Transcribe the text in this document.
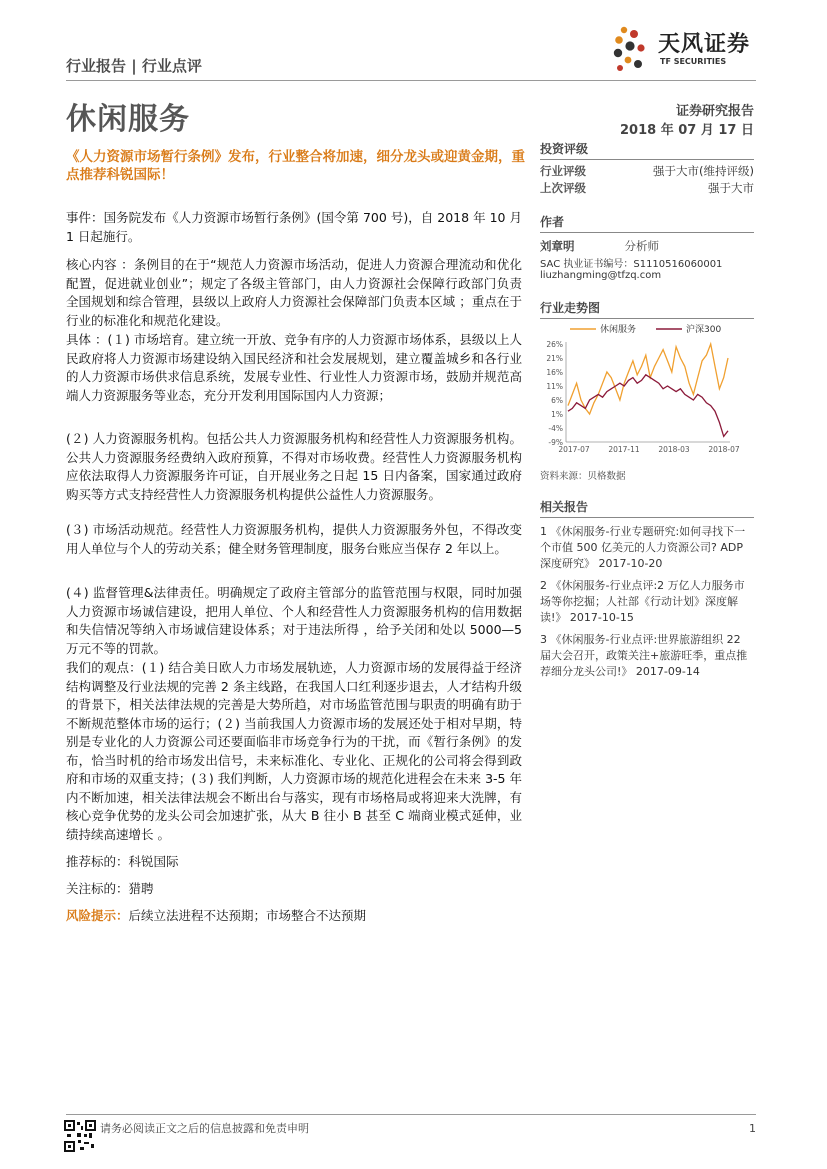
行业报告 | 行业点评
天风证券
TF SECURITIES
休闲服务	证券研究报告
2018 年 07 月 17 日
《人力资源市场暂行条例》发布，行业整合将加速，细分龙头或迎黄金期，重点推荐科锐国际！
事件：国务院发布《人力资源市场暂行条例》(国令第 700 号)，自 2018 年 10 月 1 日起施行。
核心内容 ：条例目的在于“规范人力资源市场活动，促进人力资源合理流动和优化配置，促进就业创业”；规定了各级主管部门，由人力资源社会保障行政部门负责全国规划和综合管理，县级以上政府人力资源社会保障部门负责本区域 ；重点在于行业的标准化和规范化建设。
具体 ：(１) 市场培育。建立统一开放、竞争有序的人力资源市场体系，县级以上人民政府将人力资源市场建设纳入国民经济和社会发展规划，建立覆盖城乡和各行业的人力资源市场供求信息系统，发展专业性、行业性人力资源市场，鼓励并规范高端人力资源服务等业态，充分开发利用国际国内人力资源；
(２) 人力资源服务机构。包括公共人力资源服务机构和经营性人力资源服务机构。公共人力资源服务经费纳入政府预算，不得对市场收费。经营性人力资源服务机构应依法取得人力资源服务许可证，自开展业务之日起 15 日内备案，国家通过政府购买等方式支持经营性人力资源服务机构提供公益性人力资源服务。
(３) 市场活动规范。经营性人力资源服务机构，提供人力资源服务外包，不得改变用人单位与个人的劳动关系；健全财务管理制度，服务台账应当保存 2 年以上。
(４) 监督管理&法律责任。明确规定了政府主管部分的监管范围与权限，同时加强人力资源市场诚信建设，把用人单位、个人和经营性人力资源服务机构的信用数据和失信情况等纳入市场诚信建设体系；对于违法所得 ，给予关闭和处以 5000—5 万元不等的罚款。
我们的观点：(１) 结合美日欧人力市场发展轨迹，人力资源市场的发展得益于经济结构调整及行业法规的完善 2 条主线路，在我国人口红利逐步退去，人才结构升级的背景下，相关法律法规的完善是大势所趋，对市场监管范围与职责的明确有助于不断规范整体市场的运行；(２) 当前我国人力资源市场的发展还处于相对早期，特别是专业化的人力资源公司还要面临非市场竞争行为的干扰，而《暂行条例》的发布，恰当时机的给市场发出信号，未来标准化、专业化、正规化的公司将会得到政府和市场的双重支持；(３) 我们判断，人力资源市场的规范化进程会在未来 3-5 年内不断加速，相关法律法规会不断出台与落实，现有市场格局或将迎来大洗牌，有核心竞争优势的龙头公司会加速扩张，从大 B 往小 B 甚至 C 端商业模式延伸，业绩持续高速增长 。
推荐标的：科锐国际
关注标的：猎聘
风险提示：后续立法进程不达预期；市场整合不达预期
投资评级
行业评级	强于大市(维持评级)
上次评级	强于大市
作者
刘章明	分析师
SAC 执业证书编号：S1110516060001
liuzhangming@tfzq.com
行业走势图
休闲服务	沪深300
26%
21%
16%
11%
6%
1%
-4%
-9%
2017-07 2017-11 2018-03 2018-07
资料来源：贝格数据
相关报告

1 《休闲服务-行业专题研究:如何寻找下一个市值 500 亿美元的人力资源公司? ADP 深度研究》 2017-10-20

2 《休闲服务-行业点评:2 万亿人力服务市场等你挖掘；人社部《行动计划》深度解读!》 2017-10-15

3 《休闲服务-行业点评:世界旅游组织 22 届大会召开，政策关注+旅游旺季，重点推荐细分龙头公司!》 2017-09-14

请务必阅读正文之后的信息披露和免责申明	1
